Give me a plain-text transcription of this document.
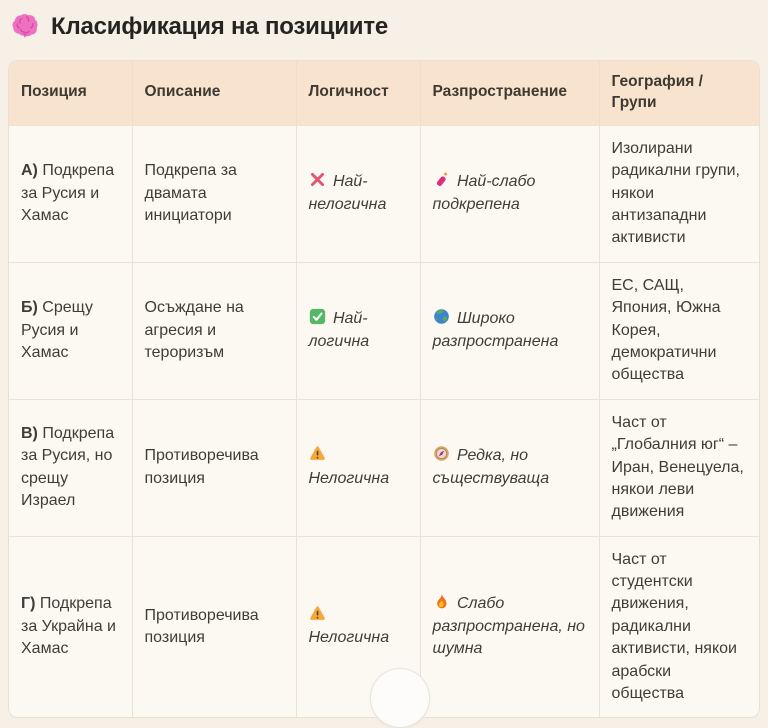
Класификация на позициите
Позиция	Описание	Логичност	Разпространение	География / Групи
А) Подкрепа за Русия и Хамас	Подкрепа за двамата инициатори	Най-нелогична	Най-слабо подкрепена	Изолирани радикални групи, някои антизападни активисти
Б) Срещу Русия и Хамас	Осъждане на агресия и тероризъм	Най-логична	Широко разпространена	ЕС, САЩ, Япония, Южна Корея, демократични общества
В) Подкрепа за Русия, но срещу Израел	Противоречива позиция	Нелогична	Редка, но съществуваща	Част от „Глобалния юг“ – Иран, Венецуела, някои леви движения
Г) Подкрепа за Украйна и Хамас	Противоречива позиция	Нелогична	Слабо разпространена, но шумна	Част от студентски движения, радикални активисти, някои арабски общества
